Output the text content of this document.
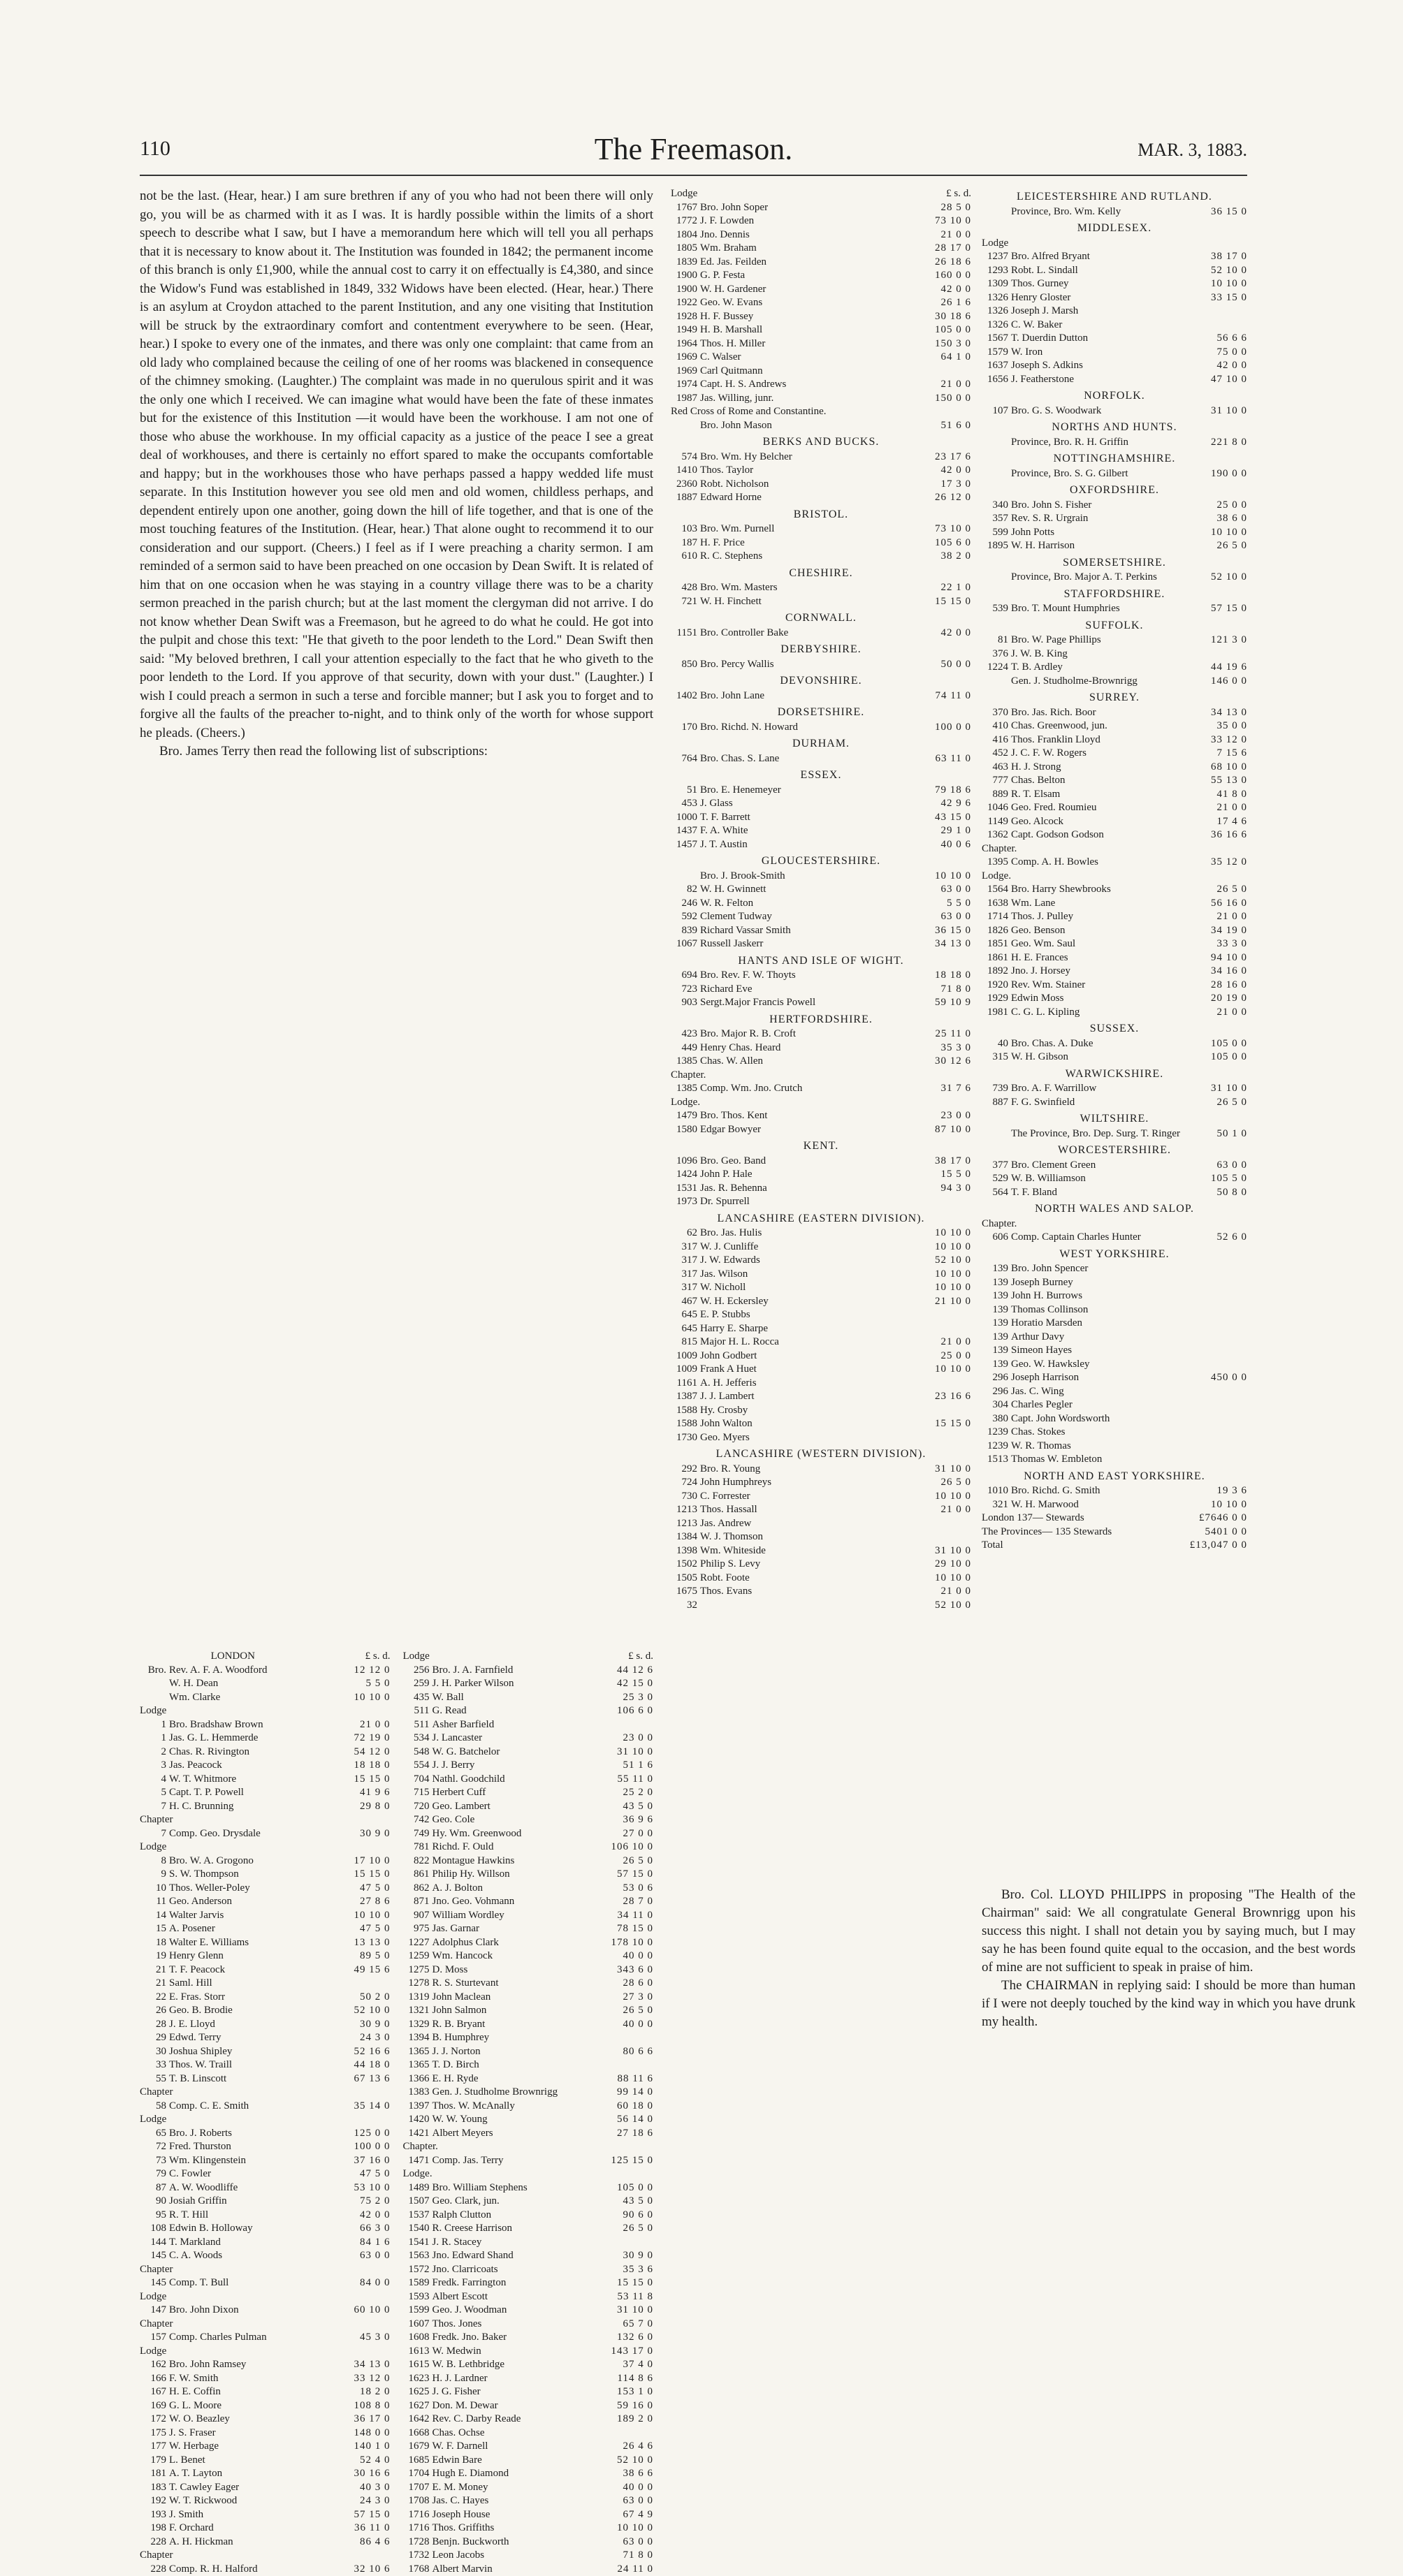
110	The Freemason.	MAR. 3, 1883.

not be the last. (Hear, hear.) I am sure brethren if any of you who had not been there will only go, you will be as charmed with it as I was. It is hardly possible within the limits of a short speech to describe what I saw, but I have a memorandum here which will tell you all perhaps that it is necessary to know about it. The Institution was founded in 1842; the permanent income of this branch is only £1,900, while the annual cost to carry it on effectually is £4,380, and since the Widow's Fund was established in 1849, 332 Widows have been elected. (Hear, hear.) There is an asylum at Croydon attached to the parent Institution, and any one visiting that Institution will be struck by the extraordinary comfort and contentment everywhere to be seen. (Hear, hear.) I spoke to every one of the inmates, and there was only one complaint: that came from an old lady who complained because the ceiling of one of her rooms was blackened in consequence of the chimney smoking. (Laughter.) The complaint was made in no querulous spirit and it was the only one which I received. We can imagine what would have been the fate of these inmates but for the existence of this Institution —it would have been the workhouse. I am not one of those who abuse the workhouse. In my official capacity as a justice of the peace I see a great deal of workhouses, and there is certainly no effort spared to make the occupants comfortable and happy; but in the workhouses those who have perhaps passed a happy wedded life must separate. In this Institution however you see old men and old women, childless perhaps, and dependent entirely upon one another, going down the hill of life together, and that is one of the most touching features of the Institution. (Hear, hear.) That alone ought to recommend it to our consideration and our support. (Cheers.) I feel as if I were preaching a charity sermon. I am reminded of a sermon said to have been preached on one occasion by Dean Swift. It is related of him that on one occasion when he was staying in a country village there was to be a charity sermon preached in the parish church; but at the last moment the clergyman did not arrive. I do not know whether Dean Swift was a Freemason, but he agreed to do what he could. He got into the pulpit and chose this text: "He that giveth to the poor lendeth to the Lord." Dean Swift then said: "My beloved brethren, I call your attention especially to the fact that he who giveth to the poor lendeth to the Lord. If you approve of that security, down with your dust." (Laughter.) I wish I could preach a sermon in such a terse and forcible manner; but I ask you to forget and to forgive all the faults of the preacher to-night, and to think only of the worth for whose support he pleads. (Cheers.)

Bro. James Terry then read the following list of subscriptions:

LONDON	£ s. d.
Bro. Rev. A. F. A. Woodford	12 12 0
W. H. Dean	5 5 0
Wm. Clarke	10 10 0
Lodge
1 Bro. Bradshaw Brown	21 0 0
1 Jas. G. L. Hemmerde	72 19 0
2 Chas. R. Rivington	54 12 0
3 Jas. Peacock	18 18 0
4 W. T. Whitmore	15 15 0
5 Capt. T. P. Powell	41 9 6
7 H. C. Brunning	29 8 0
Chapter
7 Comp. Geo. Drysdale	30 9 0
Lodge
8 Bro. W. A. Grogono	17 10 0
9 S. W. Thompson	15 15 0
10 Thos. Weller-Poley	47 5 0
11 Geo. Anderson	27 8 6
14 Walter Jarvis	10 10 0
15 A. Posener	47 5 0
18 Walter E. Williams	13 13 0
19 Henry Glenn	89 5 0
21 T. F. Peacock	49 15 6
21 Saml. Hill
22 E. Fras. Storr	50 2 0
26 Geo. B. Brodie	52 10 0
28 J. E. Lloyd	30 9 0
29 Edwd. Terry	24 3 0
30 Joshua Shipley	52 16 6
33 Thos. W. Traill	44 18 0
55 T. B. Linscott	67 13 6
Chapter
58 Comp. C. E. Smith	35 14 0
Lodge
65 Bro. J. Roberts	125 0 0
72 Fred. Thurston	100 0 0
73 Wm. Klingenstein	37 16 0
79 C. Fowler	47 5 0
87 A. W. Woodliffe	53 10 0
90 Josiah Griffin	75 2 0
95 R. T. Hill	42 0 0
108 Edwin B. Holloway	66 3 0
144 T. Markland	84 1 6
145 C. A. Woods	63 0 0
Chapter
145 Comp. T. Bull	84 0 0
Lodge
147 Bro. John Dixon	60 10 0
Chapter
157 Comp. Charles Pulman	45 3 0
Lodge
162 Bro. John Ramsey	34 13 0
166 F. W. Smith	33 12 0
167 H. E. Coffin	18 2 0
169 G. L. Moore	108 8 0
172 W. O. Beazley	36 17 0
175 J. S. Fraser	148 0 0
177 W. Herbage	140 1 0
179 L. Benet	52 4 0
181 A. T. Layton	30 16 6
183 T. Cawley Eager	40 3 0
192 W. T. Rickwood	24 3 0
193 J. Smith	57 15 0
198 F. Orchard	36 11 0
228 A. H. Hickman	86 4 6
Chapter
228 Comp. R. H. Halford	32 10 6
Lodge	£ s. d.
256 Bro. J. A. Farnfield	44 12 6
259 J. H. Parker Wilson	42 15 0
435 W. Ball	25 3 0
511 G. Read	106 6 0
511 Asher Barfield
534 J. Lancaster	23 0 0
548 W. G. Batchelor	31 10 0
554 J. J. Berry	51 1 6
704 Nathl. Goodchild	55 11 0
715 Herbert Cuff	25 2 0
720 Geo. Lambert	43 5 0
742 Geo. Cole	36 9 6
749 Hy. Wm. Greenwood	27 0 0
781 Richd. F. Ould	106 10 0
822 Montague Hawkins	26 5 0
861 Philip Hy. Willson	57 15 0
862 A. J. Bolton	53 0 6
871 Jno. Geo. Vohmann	28 7 0
907 William Wordley	34 11 0
975 Jas. Garnar	78 15 0
1227 Adolphus Clark	178 10 0
1259 Wm. Hancock	40 0 0
1275 D. Moss	343 6 0
1278 R. S. Sturtevant	28 6 0
1319 John Maclean	27 3 0
1321 John Salmon	26 5 0
1329 R. B. Bryant	40 0 0
1394 B. Humphrey
1365 J. J. Norton	80 6 6
1365 T. D. Birch
1366 E. H. Ryde	88 11 6
1383 Gen. J. Studholme Brownrigg	99 14 0
1397 Thos. W. McAnally	60 18 0
1420 W. W. Young	56 14 0
1421 Albert Meyers	27 18 6
Chapter.
1471 Comp. Jas. Terry	125 15 0
Lodge.
1489 Bro. William Stephens	105 0 0
1507 Geo. Clark, jun.	43 5 0
1537 Ralph Clutton	90 6 0
1540 R. Creese Harrison	26 5 0
1541 J. R. Stacey
1563 Jno. Edward Shand	30 9 0
1572 Jno. Clarricoats	35 3 6
1589 Fredk. Farrington	15 15 0
1593 Albert Escott	53 11 8
1599 Geo. J. Woodman	31 10 0
1607 Thos. Jones	65 7 0
1608 Fredk. Jno. Baker	132 6 0
1613 W. Medwin	143 17 0
1615 W. B. Lethbridge	37 4 0
1623 H. J. Lardner	114 8 6
1625 J. G. Fisher	153 1 0
1627 Don. M. Dewar	59 16 0
1642 Rev. C. Darby Reade	189 2 0
1668 Chas. Ochse
1679 W. F. Darnell	26 4 6
1685 Edwin Bare	52 10 0
1704 Hugh E. Diamond	38 6 6
1707 E. M. Money	40 0 0
1708 Jas. C. Hayes	63 0 0
1716 Joseph House	67 4 9
1716 Thos. Griffiths	10 10 0
1728 Benjn. Buckworth	63 0 0
1732 Leon Jacobs	71 8 0
1768 Albert Marvin	24 11 0
Lodge	£ s. d.
1767 Bro. John Soper	28 5 0
1772 J. F. Lowden	73 10 0
1804 Jno. Dennis	21 0 0
1805 Wm. Braham	28 17 0
1839 Ed. Jas. Feilden	26 18 6
1900 G. P. Festa	160 0 0
1900 W. H. Gardener	42 0 0
1922 Geo. W. Evans	26 1 6
1928 H. F. Bussey	30 18 6
1949 H. B. Marshall	105 0 0
1964 Thos. H. Miller	150 3 0
1969 C. Walser	64 1 0
1969 Carl Quitmann
1974 Capt. H. S. Andrews	21 0 0
1987 Jas. Willing, junr.	150 0 0
Red Cross of Rome and Constantine.
Bro. John Mason	51 6 0
BERKS AND BUCKS.
574 Bro. Wm. Hy Belcher	23 17 6
1410 Thos. Taylor	42 0 0
2360 Robt. Nicholson	17 3 0
1887 Edward Horne	26 12 0
BRISTOL.
103 Bro. Wm. Purnell	73 10 0
187 H. F. Price	105 6 0
610 R. C. Stephens	38 2 0
CHESHIRE.
428 Bro. Wm. Masters	22 1 0
721 W. H. Finchett	15 15 0
CORNWALL.
1151 Bro. Controller Bake	42 0 0
DERBYSHIRE.
850 Bro. Percy Wallis	50 0 0
DEVONSHIRE.
1402 Bro. John Lane	74 11 0
DORSETSHIRE.
170 Bro. Richd. N. Howard	100 0 0
DURHAM.
764 Bro. Chas. S. Lane	63 11 0
ESSEX.
51 Bro. E. Henemeyer	79 18 6
453 J. Glass	42 9 6
1000 T. F. Barrett	43 15 0
1437 F. A. White	29 1 0
1457 J. T. Austin	40 0 6
GLOUCESTERSHIRE.
Bro. J. Brook-Smith	10 10 0
82 W. H. Gwinnett	63 0 0
246 W. R. Felton	5 5 0
592 Clement Tudway	63 0 0
839 Richard Vassar Smith	36 15 0
1067 Russell Jaskerr	34 13 0
HANTS AND ISLE OF WIGHT.
694 Bro. Rev. F. W. Thoyts	18 18 0
723 Richard Eve	71 8 0
903 Sergt.Major Francis Powell	59 10 9
HERTFORDSHIRE.
423 Bro. Major R. B. Croft	25 11 0
449 Henry Chas. Heard	35 3 0
1385 Chas. W. Allen	30 12 6
Chapter.
1385 Comp. Wm. Jno. Crutch	31 7 6
Lodge.
1479 Bro. Thos. Kent	23 0 0
1580 Edgar Bowyer	87 10 0
KENT.
1096 Bro. Geo. Band	38 17 0
1424 John P. Hale	15 5 0
1531 Jas. R. Behenna	94 3 0
1973 Dr. Spurrell
LANCASHIRE (EASTERN DIVISION).
62 Bro. Jas. Hulis	10 10 0
317 W. J. Cunliffe	10 10 0
317 J. W. Edwards	52 10 0
317 Jas. Wilson	10 10 0
317 W. Nicholl	10 10 0
467 W. H. Eckersley	21 10 0
645 E. P. Stubbs
645 Harry E. Sharpe
815 Major H. L. Rocca	21 0 0
1009 John Godbert	25 0 0
1009 Frank A Huet	10 10 0
1161 A. H. Jefferis
1387 J. J. Lambert	23 16 6
1588 Hy. Crosby
1588 John Walton	15 15 0
1730 Geo. Myers
LANCASHIRE (WESTERN DIVISION).
292 Bro. R. Young	31 10 0
724 John Humphreys	26 5 0
730 C. Forrester	10 10 0
1213 Thos. Hassall	21 0 0
1213 Jas. Andrew
1384 W. J. Thomson
1398 Wm. Whiteside	31 10 0
1502 Philip S. Levy	29 10 0
1505 Robt. Foote	10 10 0
1675 Thos. Evans	21 0 0
32	52 10 0
LEICESTERSHIRE AND RUTLAND.
Province, Bro. Wm. Kelly	36 15 0
MIDDLESEX.
Lodge
1237 Bro. Alfred Bryant	38 17 0
1293 Robt. L. Sindall	52 10 0
1309 Thos. Gurney	10 10 0
1326 Henry Gloster	33 15 0
1326 Joseph J. Marsh
1326 C. W. Baker
1567 T. Duerdin Dutton	56 6 6
1579 W. Iron	75 0 0
1637 Joseph S. Adkins	42 0 0
1656 J. Featherstone	47 10 0
NORFOLK.
107 Bro. G. S. Woodwark	31 10 0
NORTHS AND HUNTS.
Province, Bro. R. H. Griffin	221 8 0
NOTTINGHAMSHIRE.
Province, Bro. S. G. Gilbert	190 0 0
OXFORDSHIRE.
340 Bro. John S. Fisher	25 0 0
357 Rev. S. R. Urgrain	38 6 0
599 John Potts	10 10 0
1895 W. H. Harrison	26 5 0
SOMERSETSHIRE.
Province, Bro. Major A. T. Perkins	52 10 0
STAFFORDSHIRE.
539 Bro. T. Mount Humphries	57 15 0
SUFFOLK.
81 Bro. W. Page Phillips	121 3 0
376 J. W. B. King
1224 T. B. Ardley	44 19 6
Gen. J. Studholme-Brownrigg	146 0 0
SURREY.
370 Bro. Jas. Rich. Boor	34 13 0
410 Chas. Greenwood, jun.	35 0 0
416 Thos. Franklin Lloyd	33 12 0
452 J. C. F. W. Rogers	7 15 6
463 H. J. Strong	68 10 0
777 Chas. Belton	55 13 0
889 R. T. Elsam	41 8 0
1046 Geo. Fred. Roumieu	21 0 0
1149 Geo. Alcock	17 4 6
1362 Capt. Godson Godson	36 16 6
Chapter.
1395 Comp. A. H. Bowles	35 12 0
Lodge.
1564 Bro. Harry Shewbrooks	26 5 0
1638 Wm. Lane	56 16 0
1714 Thos. J. Pulley	21 0 0
1826 Geo. Benson	34 19 0
1851 Geo. Wm. Saul	33 3 0
1861 H. E. Frances	94 10 0
1892 Jno. J. Horsey	34 16 0
1920 Rev. Wm. Stainer	28 16 0
1929 Edwin Moss	20 19 0
1981 C. G. L. Kipling	21 0 0
SUSSEX.
40 Bro. Chas. A. Duke	105 0 0
315 W. H. Gibson	105 0 0
WARWICKSHIRE.
739 Bro. A. F. Warrillow	31 10 0
887 F. G. Swinfield	26 5 0
WILTSHIRE.
The Province, Bro. Dep. Surg. T. Ringer	50 1 0
WORCESTERSHIRE.
377 Bro. Clement Green	63 0 0
529 W. B. Williamson	105 5 0
564 T. F. Bland	50 8 0
NORTH WALES AND SALOP.
Chapter.
606 Comp. Captain Charles Hunter	52 6 0
WEST YORKSHIRE.
139 Bro. John Spencer
139 Joseph Burney
139 John H. Burrows
139 Thomas Collinson
139 Horatio Marsden
139 Arthur Davy
139 Simeon Hayes
139 Geo. W. Hawksley
296 Joseph Harrison	450 0 0
296 Jas. C. Wing
304 Charles Pegler
380 Capt. John Wordsworth
1239 Chas. Stokes
1239 W. R. Thomas
1513 Thomas W. Embleton
NORTH AND EAST YORKSHIRE.
1010 Bro. Richd. G. Smith	19 3 6
321 W. H. Marwood	10 10 0
London 137— Stewards	£7646 0 0
The Provinces— 135 Stewards	5401 0 0
Total	£13,047 0 0

Bro. Col. LLOYD PHILIPPS in proposing "The Health of the Chairman" said: We all congratulate General Brownrigg upon his success this night. I shall not detain you by saying much, but I may say he has been found quite equal to the occasion, and the best words of mine are not sufficient to speak in praise of him.

The CHAIRMAN in replying said: I should be more than human if I were not deeply touched by the kind way in which you have drunk my health.
